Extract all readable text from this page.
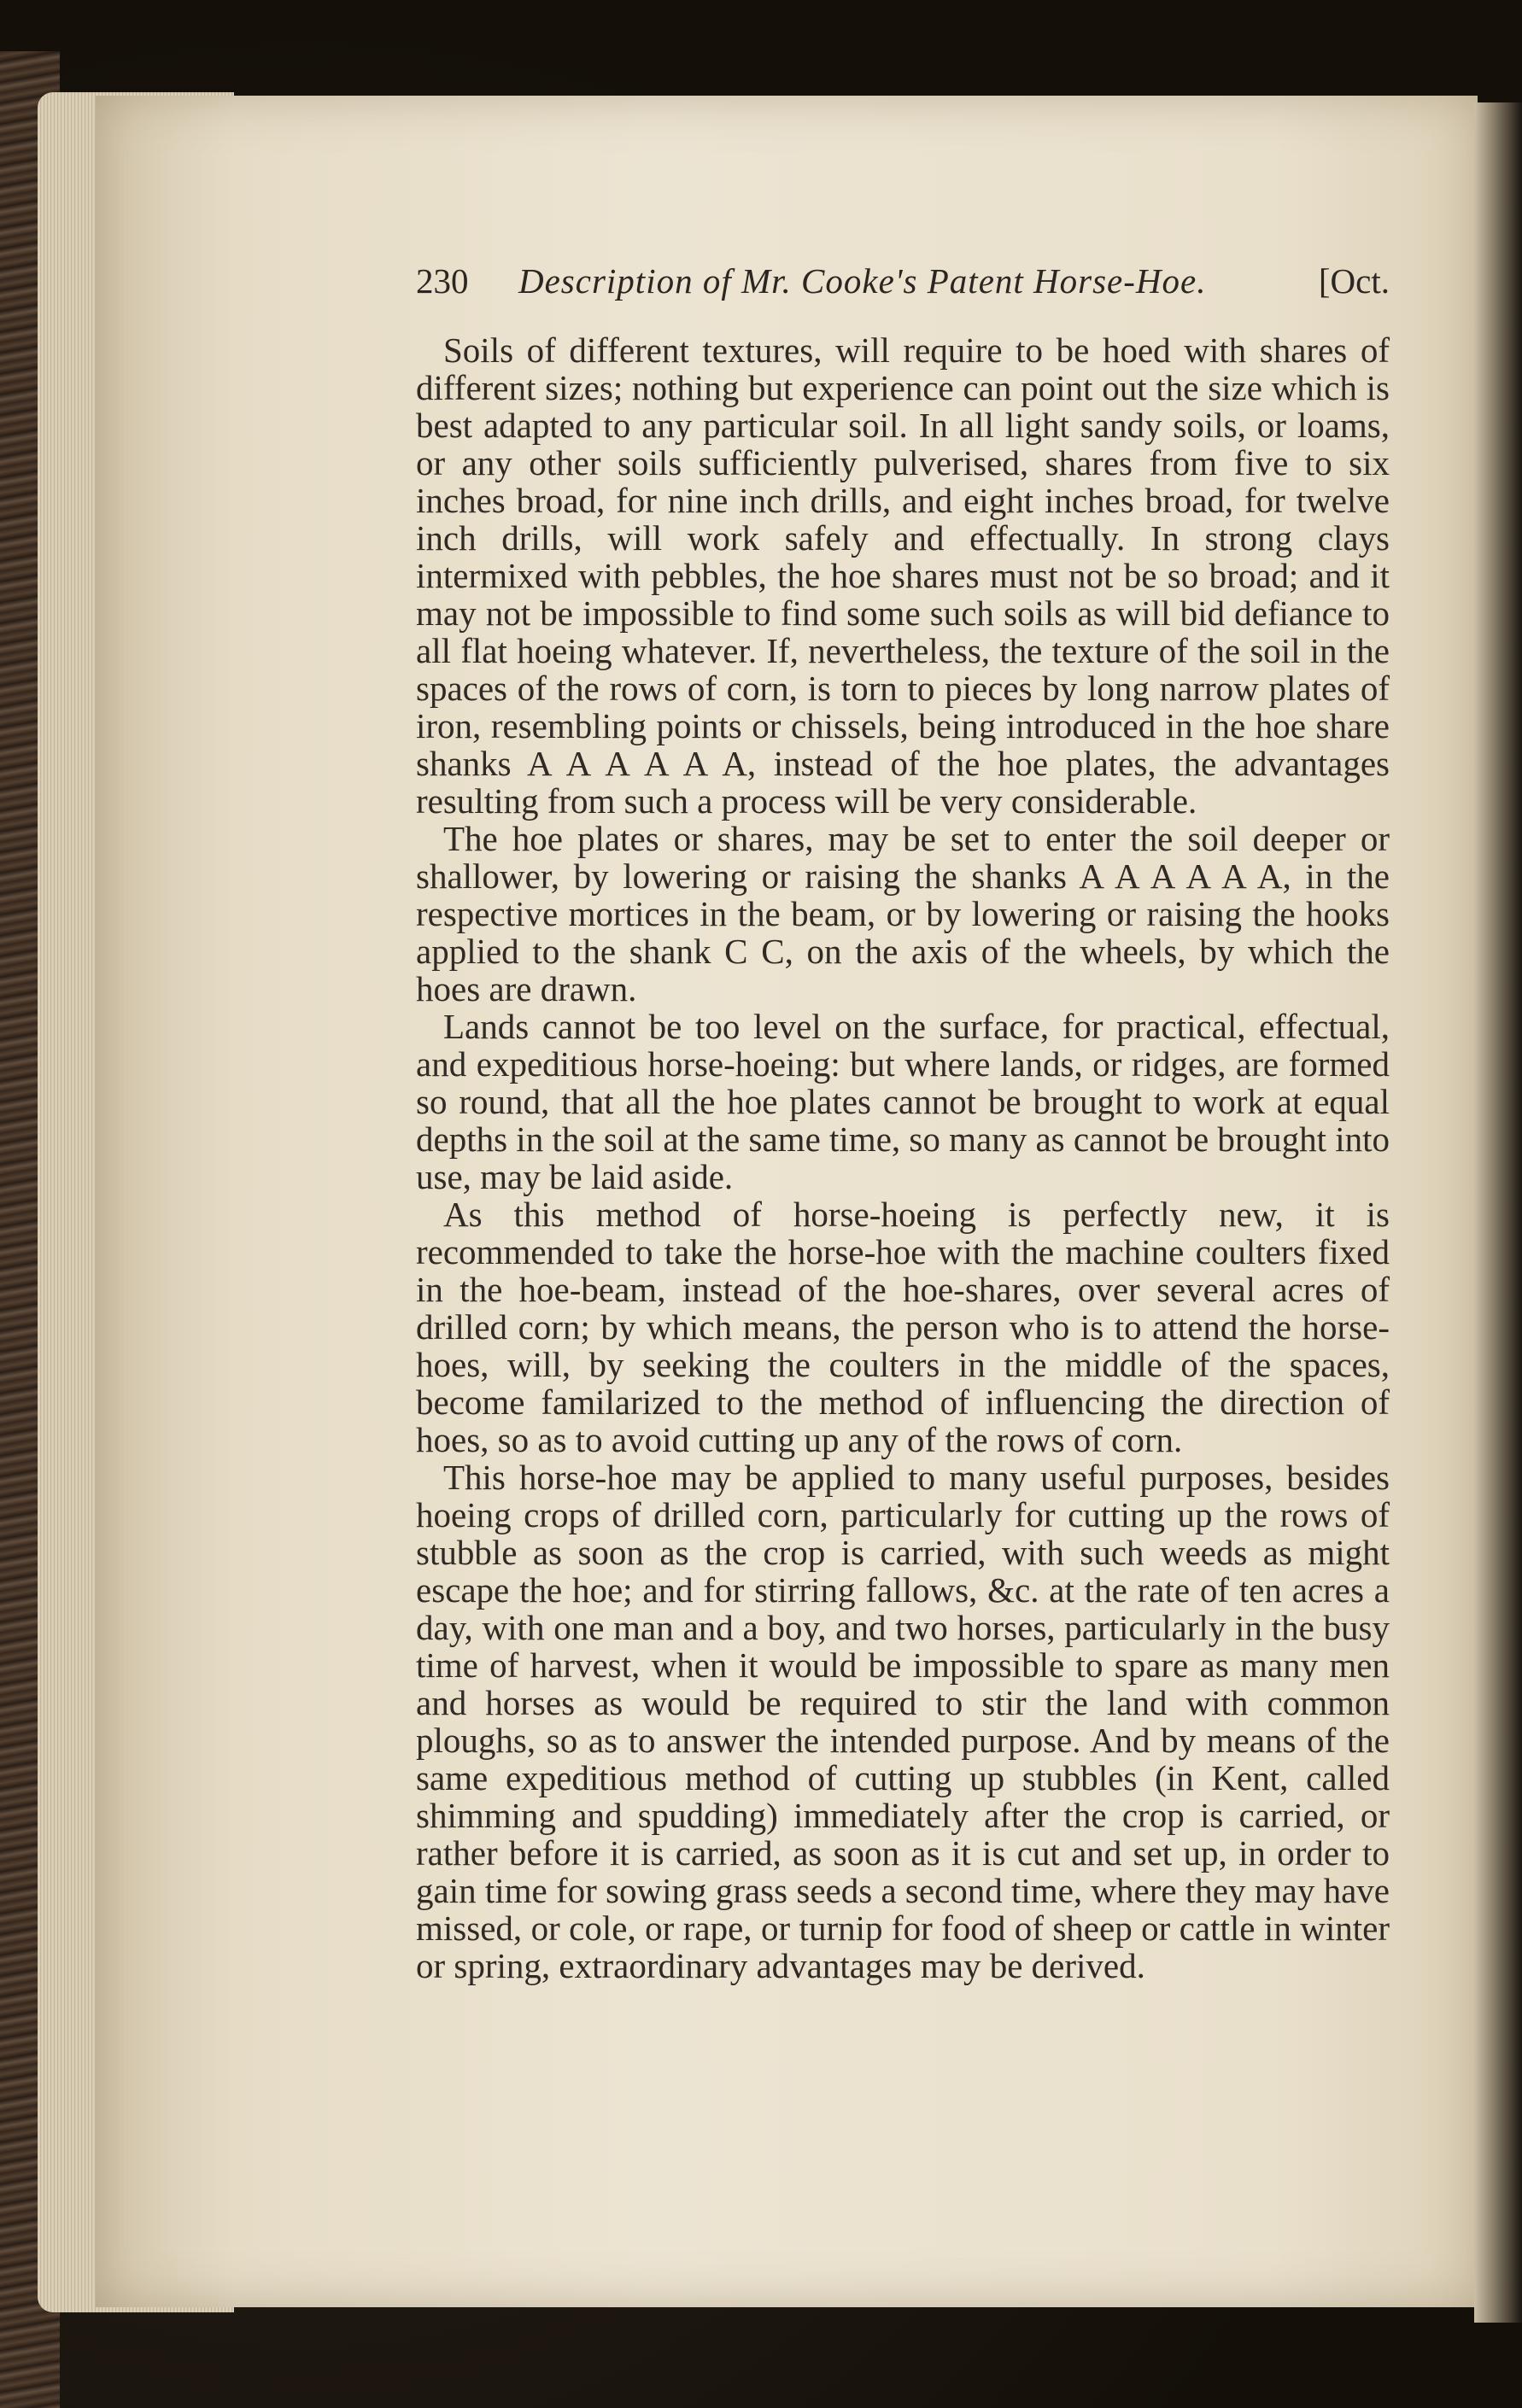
230 Description of Mr. Cooke's Patent Horse-Hoe.	[Oct.

Soils of different textures, will require to be hoed with shares of different sizes; nothing but experience can point out the size which is best adapted to any particular soil. In all light sandy soils, or loams, or any other soils sufficiently pulverised, shares from five to six inches broad, for nine inch drills, and eight inches broad, for twelve inch drills, will work safely and effectually. In strong clays intermixed with pebbles, the hoe shares must not be so broad; and it may not be impossible to find some such soils as will bid defiance to all flat hoeing whatever. If, nevertheless, the texture of the soil in the spaces of the rows of corn, is torn to pieces by long narrow plates of iron, resembling points or chissels, being introduced in the hoe share shanks A A A A A A, instead of the hoe plates, the advantages resulting from such a process will be very considerable.

The hoe plates or shares, may be set to enter the soil deeper or shallower, by lowering or raising the shanks A A A A A A, in the respective mortices in the beam, or by lowering or raising the hooks applied to the shank C C, on the axis of the wheels, by which the hoes are drawn.

Lands cannot be too level on the surface, for practical, effectual, and expeditious horse-hoeing: but where lands, or ridges, are formed so round, that all the hoe plates cannot be brought to work at equal depths in the soil at the same time, so many as cannot be brought into use, may be laid aside.

As this method of horse-hoeing is perfectly new, it is recommended to take the horse-hoe with the machine coulters fixed in the hoe-beam, instead of the hoe-shares, over several acres of drilled corn; by which means, the person who is to attend the horse-hoes, will, by seeking the coulters in the middle of the spaces, become familarized to the method of influencing the direction of hoes, so as to avoid cutting up any of the rows of corn.

This horse-hoe may be applied to many useful purposes, besides hoeing crops of drilled corn, particularly for cutting up the rows of stubble as soon as the crop is carried, with such weeds as might escape the hoe; and for stirring fallows, &c. at the rate of ten acres a day, with one man and a boy, and two horses, particularly in the busy time of harvest, when it would be impossible to spare as many men and horses as would be required to stir the land with common ploughs, so as to answer the intended purpose. And by means of the same expeditious method of cutting up stubbles (in Kent, called shimming and spudding) immediately after the crop is carried, or rather before it is carried, as soon as it is cut and set up, in order to gain time for sowing grass seeds a second time, where they may have missed, or cole, or rape, or turnip for food of sheep or cattle in winter or spring, extraordinary advantages may be derived.
